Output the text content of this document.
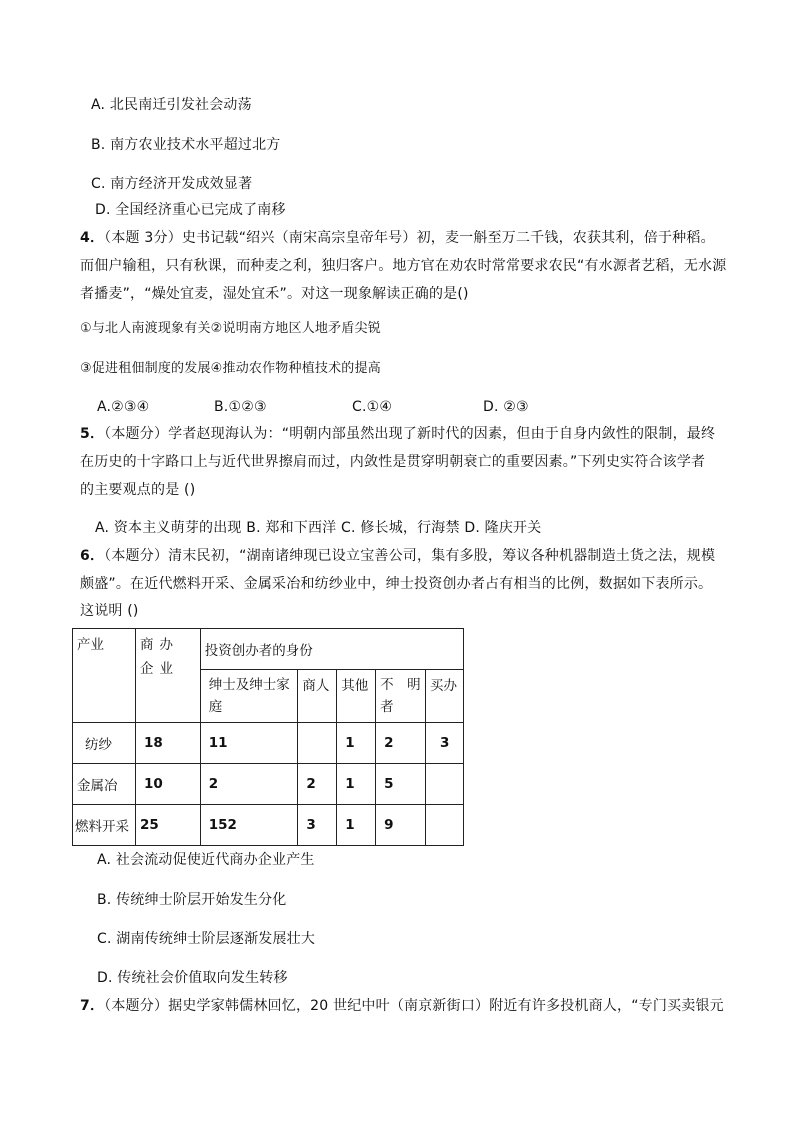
A. 北民南迁引发社会动荡
B. 南方农业技术水平超过北方
C. 南方经济开发成效显著
D. 全国经济重心已完成了南移
4．（本题 3分）史书记载“绍兴（南宋高宗皇帝年号）初，麦一斛至万二千钱，农获其利，倍于种稻。
而佃户输租，只有秋课，而种麦之利，独归客户。地方官在劝农时常常要求农民“有水源者艺稻，无水源
者播麦”，“燥处宜麦，湿处宜禾”。对这一现象解读正确的是()
①与北人南渡现象有关②说明南方地区人地矛盾尖锐
③促进租佃制度的发展④推动农作物种植技术的提高
A.②③④	B.①②③	C.①④	D. ②③
5．（本题分）学者赵现海认为：“明朝内部虽然出现了新时代的因素，但由于自身内敛性的限制，最终
在历史的十字路口上与近代世界擦肩而过，内敛性是贯穿明朝衰亡的重要因素。”下列史实符合该学者
的主要观点的是 ()
A. 资本主义萌芽的出现 B. 郑和下西洋 C. 修长城，行海禁 D. 隆庆开关
6．（本题分）清末民初，“湖南诸绅现已设立宝善公司，集有多股，筹议各种机器制造土货之法，规模
颇盛”。在近代燃料开采、金属采冶和纺纱业中，绅士投资创办者占有相当的比例，数据如下表所示。
这说明 ()
产业	商办企业	投资创办者的身份				
		绅士及绅士家庭	商人	其他	不　明者	买办
纺纱	18	11		1	2	3
金属冶	10	2	2	1	5	
燃料开采	25	152	3	1	9	
A. 社会流动促使近代商办企业产生
B. 传统绅士阶层开始发生分化
C. 湖南传统绅士阶层逐渐发展壮大
D. 传统社会价值取向发生转移
7．（本题分）据史学家韩儒林回忆，20 世纪中叶（南京新街口）附近有许多投机商人，“专门买卖银元
